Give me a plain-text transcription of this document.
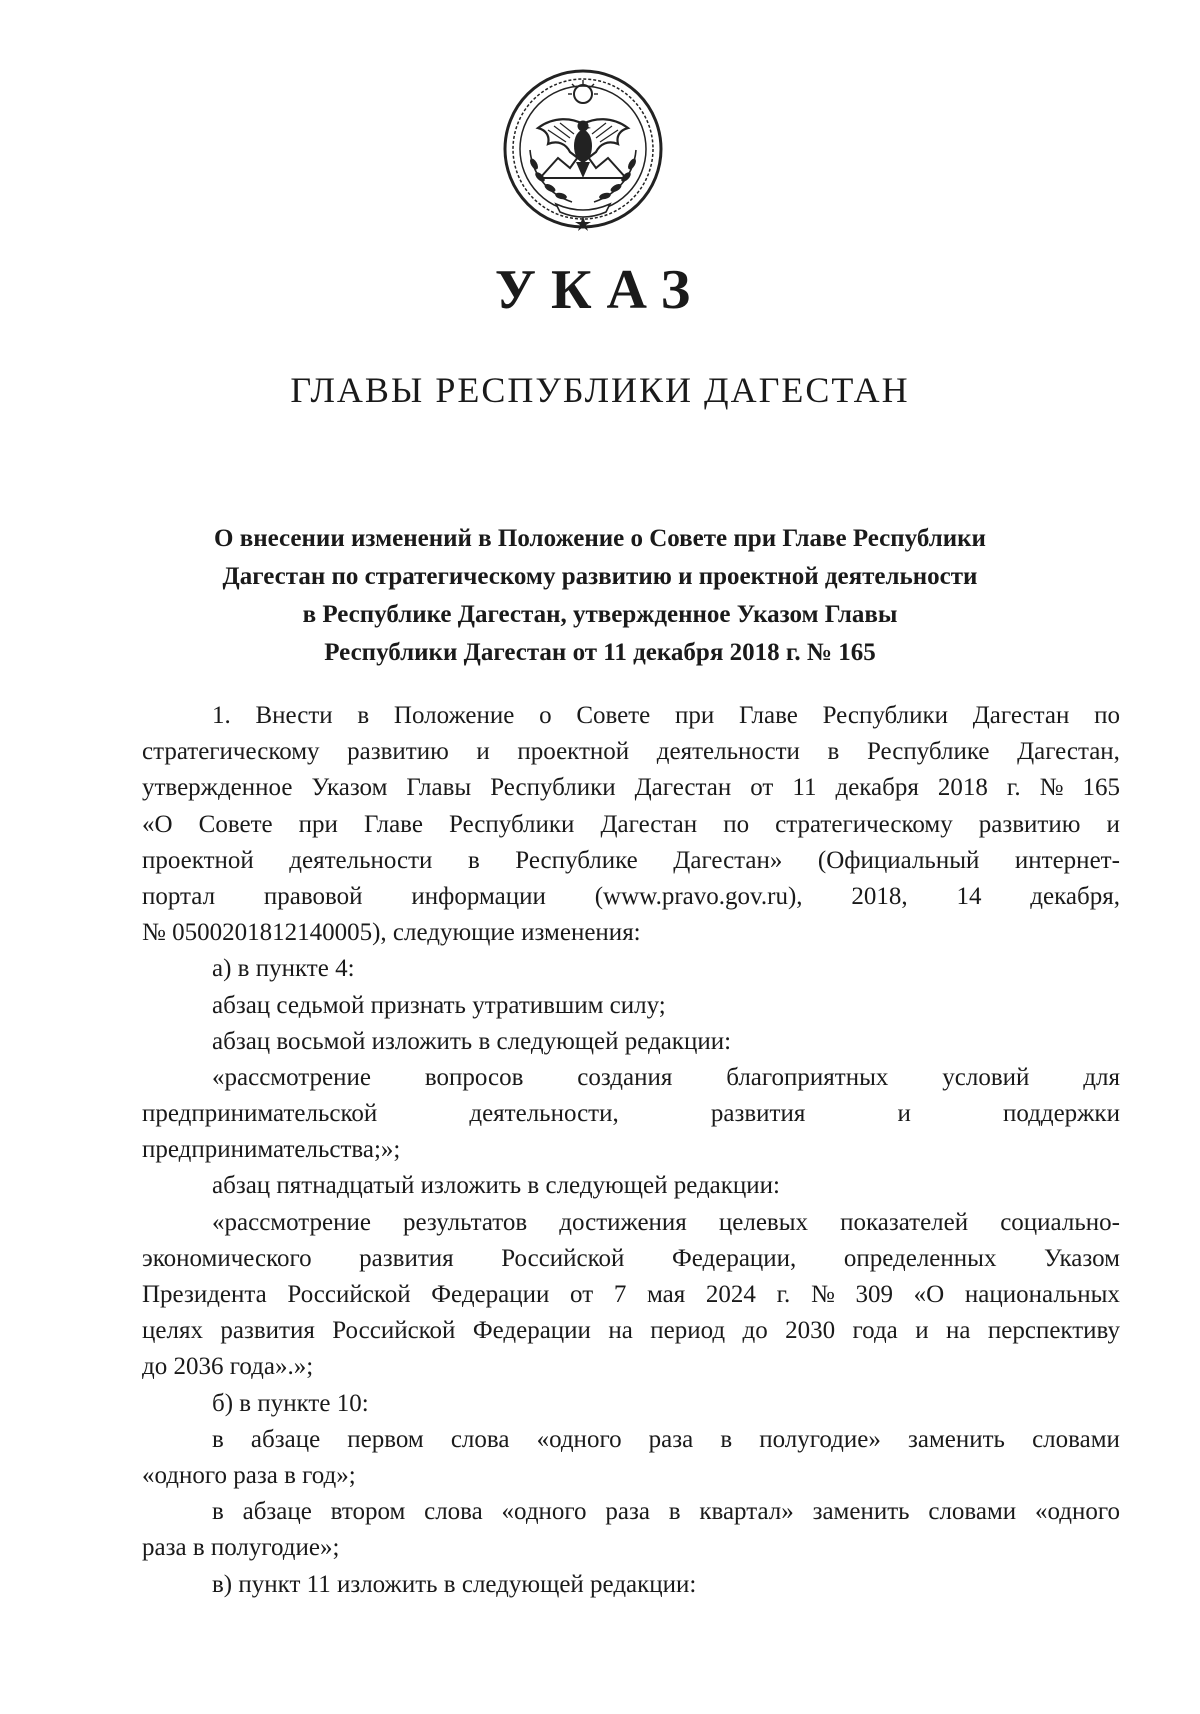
УКАЗ
ГЛАВЫ РЕСПУБЛИКИ ДАГЕСТАН
О внесении изменений в Положение о Совете при Главе Республики
Дагестан по стратегическому развитию и проектной деятельности
в Республике Дагестан, утвержденное Указом Главы
Республики Дагестан от 11 декабря 2018 г. № 165
1. Внести в Положение о Совете при Главе Республики Дагестан по
стратегическому развитию и проектной деятельности в Республике Дагестан,
утвержденное Указом Главы Республики Дагестан от 11 декабря 2018 г. № 165
«О Совете при Главе Республики Дагестан по стратегическому развитию и
проектной деятельности в Республике Дагестан» (Официальный интернет-
портал правовой информации (www.pravo.gov.ru), 2018, 14 декабря,
№ 0500201812140005), следующие изменения:
а) в пункте 4:
абзац седьмой признать утратившим силу;
абзац восьмой изложить в следующей редакции:
«рассмотрение вопросов создания благоприятных условий для
предпринимательской	деятельности,	развития	и	поддержки
предпринимательства;»;
абзац пятнадцатый изложить в следующей редакции:
«рассмотрение результатов достижения целевых показателей социально-
экономического развития Российской Федерации, определенных Указом
Президента Российской Федерации от 7 мая 2024 г. № 309 «О национальных
целях развития Российской Федерации на период до 2030 года и на перспективу
до 2036 года».»;
б) в пункте 10:
в абзаце первом слова «одного раза в полугодие» заменить словами
«одного раза в год»;
в абзаце втором слова «одного раза в квартал» заменить словами «одного
раза в полугодие»;
в) пункт 11 изложить в следующей редакции:
